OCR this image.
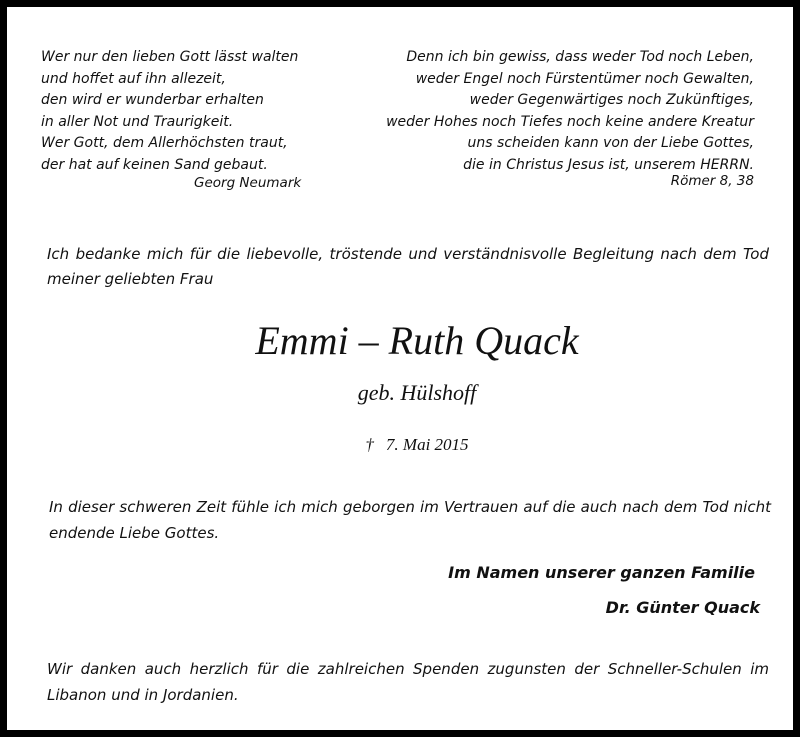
Wer nur den lieben Gott lässt walten
und hoffet auf ihn allezeit,
den wird er wunderbar erhalten
in aller Not und Traurigkeit.
Wer Gott, dem Allerhöchsten traut,
der hat auf keinen Sand gebaut.
Georg Neumark
Denn ich bin gewiss, dass weder Tod noch Leben,
weder Engel noch Fürstentümer noch Gewalten,
weder Gegenwärtiges noch Zukünftiges,
weder Hohes noch Tiefes noch keine andere Kreatur
uns scheiden kann von der Liebe Gottes,
die in Christus Jesus ist, unserem HERRN.
Römer 8, 38
Ich bedanke mich für die liebevolle, tröstende und verständnisvolle Begleitung nach dem Tod meiner geliebten Frau
Emmi – Ruth Quack
geb. Hülshoff
† 7. Mai 2015
In dieser schweren Zeit fühle ich mich geborgen im Vertrauen auf die auch nach dem Tod nicht endende Liebe Gottes.
Im Namen unserer ganzen Familie
Dr. Günter Quack
Wir danken auch herzlich für die zahlreichen Spenden zugunsten der Schneller-Schulen im Libanon und in Jordanien.
